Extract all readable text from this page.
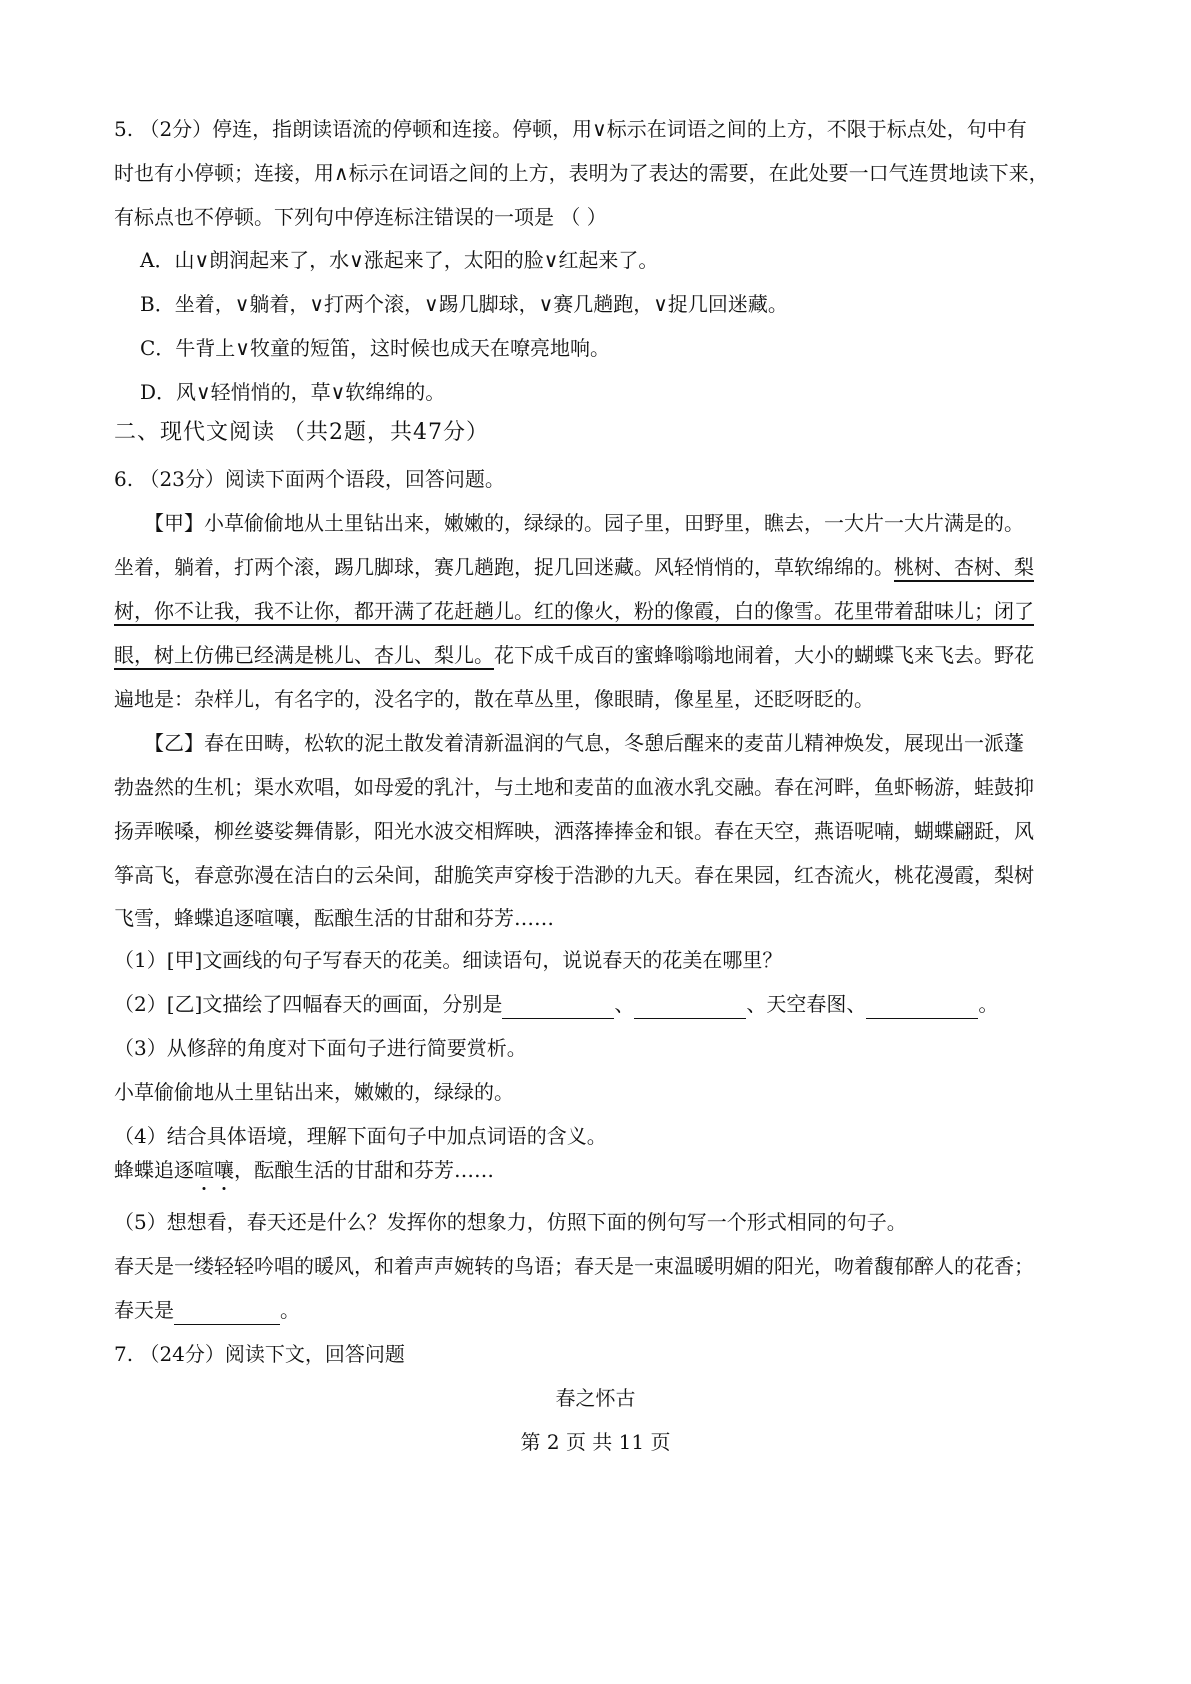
5. （2分）停连，指朗读语流的停顿和连接。停顿，用∨标示在词语之间的上方，不限于标点处，句中有
时也有小停顿；连接，用∧标示在词语之间的上方，表明为了表达的需要，在此处要一口气连贯地读下来，
有标点也不停顿。下列句中停连标注错误的一项是 （ ）
A．山∨朗润起来了，水∨涨起来了，太阳的脸∨红起来了。
B．坐着，∨躺着，∨打两个滚，∨踢几脚球，∨赛几趟跑，∨捉几回迷藏。
C．牛背上∨牧童的短笛，这时候也成天在嘹亮地响。
D．风∨轻悄悄的，草∨软绵绵的。
二、现代文阅读 （共2题，共47分）
6. （23分）阅读下面两个语段，回答问题。
【甲】小草偷偷地从土里钻出来，嫩嫩的，绿绿的。园子里，田野里，瞧去，一大片一大片满是的。
坐着，躺着，打两个滚，踢几脚球，赛几趟跑，捉几回迷藏。风轻悄悄的，草软绵绵的。桃树、杏树、梨
树，你不让我，我不让你，都开满了花赶趟儿。红的像火，粉的像霞，白的像雪。花里带着甜味儿；闭了
眼，树上仿佛已经满是桃儿、杏儿、梨儿。花下成千成百的蜜蜂嗡嗡地闹着，大小的蝴蝶飞来飞去。野花
遍地是：杂样儿，有名字的，没名字的，散在草丛里，像眼睛，像星星，还眨呀眨的。
【乙】春在田畴，松软的泥土散发着清新温润的气息，冬憩后醒来的麦苗儿精神焕发，展现出一派蓬
勃盎然的生机；渠水欢唱，如母爱的乳汁，与土地和麦苗的血液水乳交融。春在河畔，鱼虾畅游，蛙鼓抑
扬弄喉嗓，柳丝婆娑舞倩影，阳光水波交相辉映，洒落捧捧金和银。春在天空，燕语呢喃，蝴蝶翩跹，风
筝高飞，春意弥漫在洁白的云朵间，甜脆笑声穿梭于浩渺的九天。春在果园，红杏流火，桃花漫霞，梨树
飞雪，蜂蝶追逐喧嚷，酝酿生活的甘甜和芬芳……
（1）[甲]文画线的句子写春天的花美。细读语句，说说春天的花美在哪里？
（2）[乙]文描绘了四幅春天的画面，分别是	、	、天空春图、	。
（3）从修辞的角度对下面句子进行简要赏析。
小草偷偷地从土里钻出来，嫩嫩的，绿绿的。
（4）结合具体语境，理解下面句子中加点词语的含义。
蜂蝶追逐喧嚷，酝酿生活的甘甜和芬芳……
（5）想想看，春天还是什么？发挥你的想象力，仿照下面的例句写一个形式相同的句子。
春天是一缕轻轻吟唱的暖风，和着声声婉转的鸟语；春天是一束温暖明媚的阳光，吻着馥郁醉人的花香；
春天是	。
7. （24分）阅读下文，回答问题
春之怀古
第 2 页 共 11 页
